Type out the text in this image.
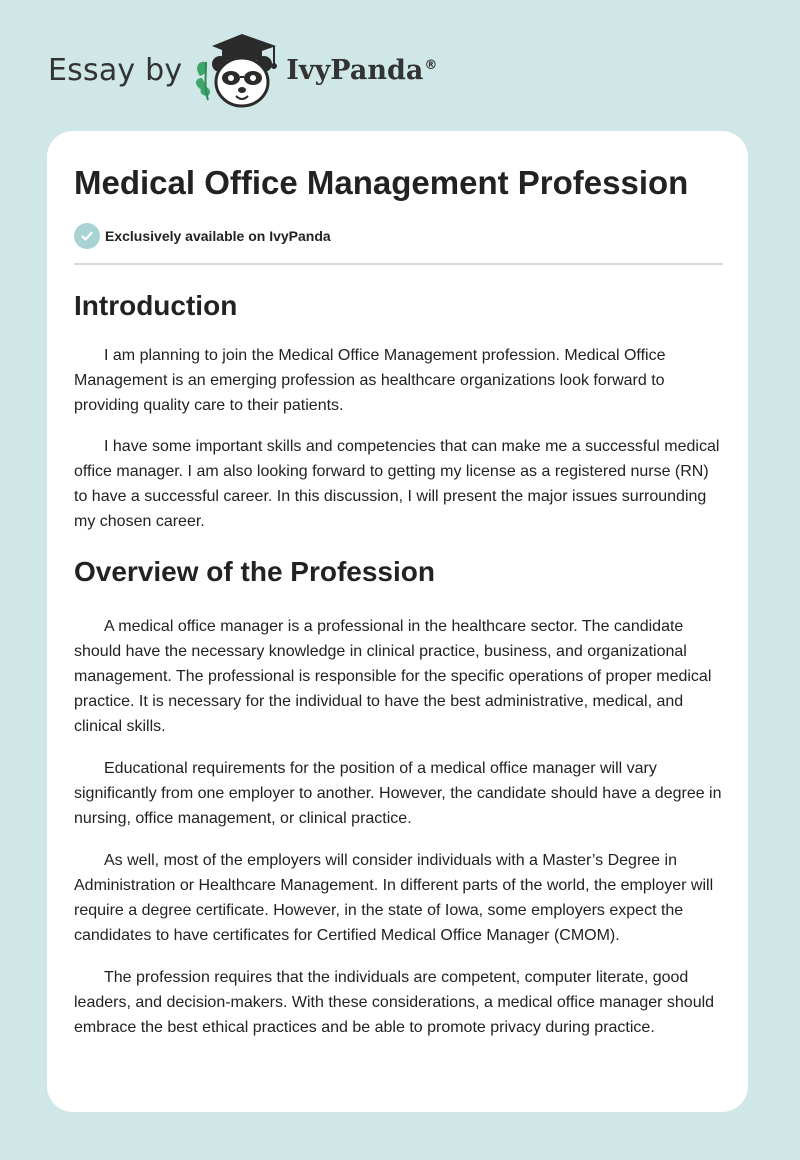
Essay by	IvyPanda®
Medical Office Management Profession
Exclusively available on IvyPanda
Introduction

I am planning to join the Medical Office Management profession. Medical Office Management is an emerging profession as healthcare organizations look forward to providing quality care to their patients.

I have some important skills and competencies that can make me a successful medical office manager. I am also looking forward to getting my license as a registered nurse (RN) to have a successful career. In this discussion, I will present the major issues surrounding my chosen career.

Overview of the Profession

A medical office manager is a professional in the healthcare sector. The candidate should have the necessary knowledge in clinical practice, business, and organizational management. The professional is responsible for the specific operations of proper medical practice. It is necessary for the individual to have the best administrative, medical, and clinical skills.

Educational requirements for the position of a medical office manager will vary significantly from one employer to another. However, the candidate should have a degree in nursing, office management, or clinical practice.

As well, most of the employers will consider individuals with a Master’s Degree in Administration or Healthcare Management. In different parts of the world, the employer will require a degree certificate. However, in the state of Iowa, some employers expect the candidates to have certificates for Certified Medical Office Manager (CMOM).

The profession requires that the individuals are competent, computer literate, good leaders, and decision-makers. With these considerations, a medical office manager should embrace the best ethical practices and be able to promote privacy during practice.
